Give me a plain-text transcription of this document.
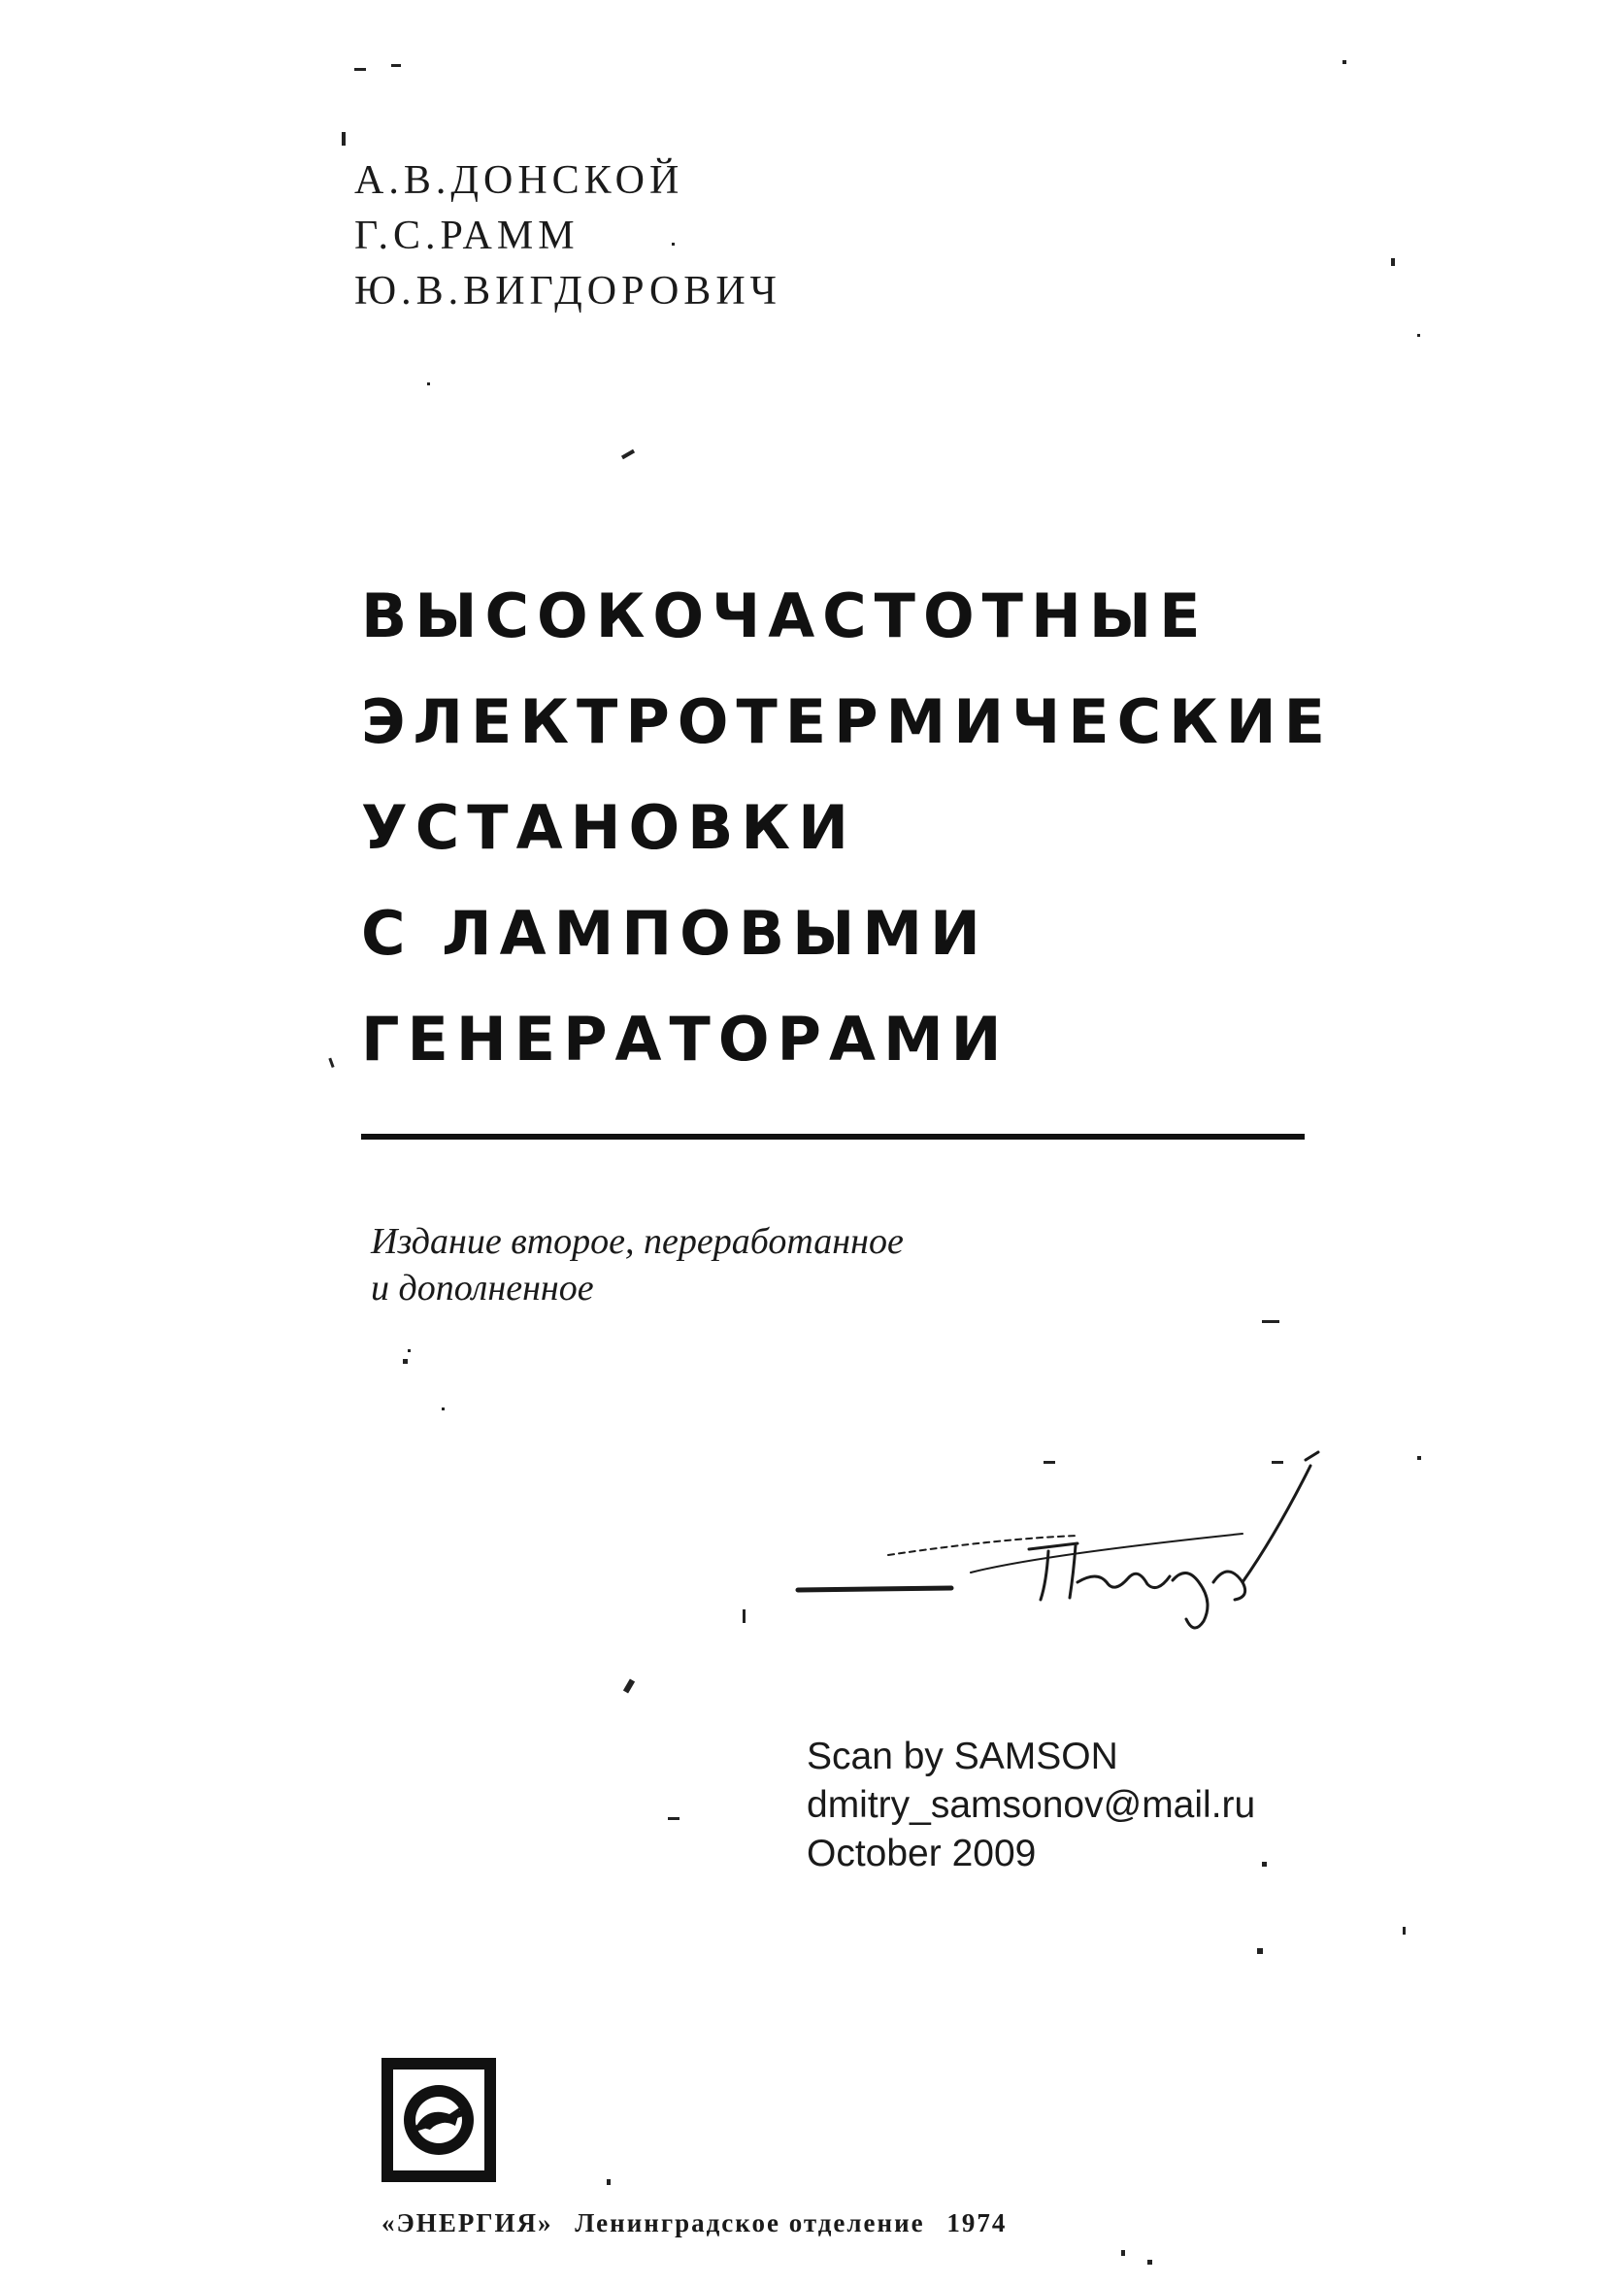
А.В.ДОНСКОЙ
Г.С.РАММ
Ю.В.ВИГДОРОВИЧ
ВЫСОКОЧАСТОТНЫЕ
ЭЛЕКТРОТЕРМИЧЕСКИЕ
УСТАНОВКИ
С ЛАМПОВЫМИ
ГЕНЕРАТОРАМИ
Издание второе, переработанное
и дополненное
Scan by SAMSON
dmitry_samsonov@mail.ru
October 2009
«ЭНЕРГИЯ» Ленинградское отделение 1974
